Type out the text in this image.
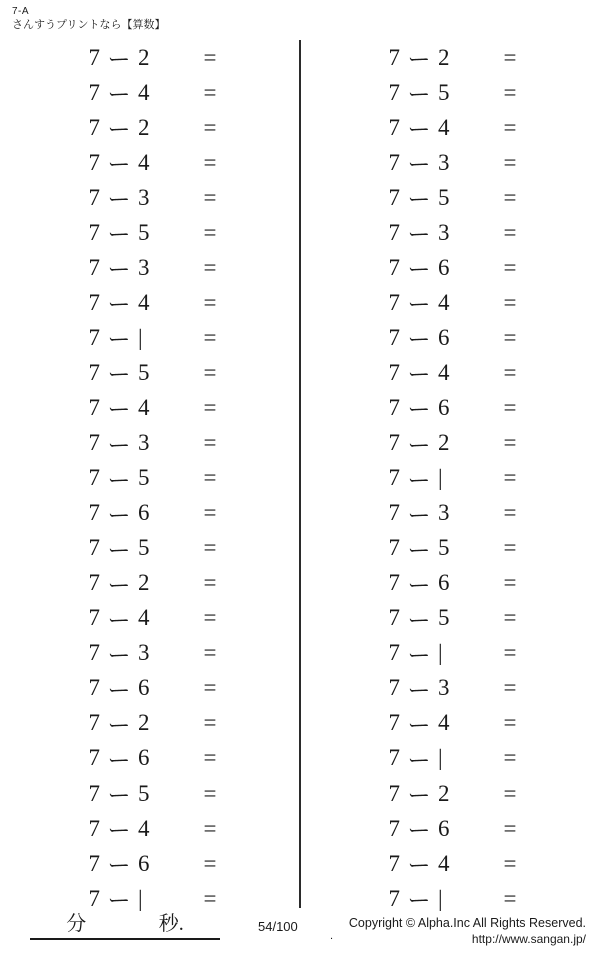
7-A
さんすうプリントなら【算数】
7 ー 2	=
7 ー 4	=
7 ー 2	=
7 ー 4	=
7 ー 3	=
7 ー 5	=
7 ー 3	=
7 ー 4	=
7 ー |	=
7 ー 5	=
7 ー 4	=
7 ー 3	=
7 ー 5	=
7 ー 6	=
7 ー 5	=
7 ー 2	=
7 ー 4	=
7 ー 3	=
7 ー 6	=
7 ー 2	=
7 ー 6	=
7 ー 5	=
7 ー 4	=
7 ー 6	=
7 ー |	=
7 ー 2	=
7 ー 5	=
7 ー 4	=
7 ー 3	=
7 ー 5	=
7 ー 3	=
7 ー 6	=
7 ー 4	=
7 ー 6	=
7 ー 4	=
7 ー 6	=
7 ー 2	=
7 ー |	=
7 ー 3	=
7 ー 5	=
7 ー 6	=
7 ー 5	=
7 ー |	=
7 ー 3	=
7 ー 4	=
7 ー |	=
7 ー 2	=
7 ー 6	=
7 ー 4	=
7 ー |	=
分	秒.	54/100
.
Copyright © Alpha.Inc All Rights Reserved.
http://www.sangan.jp/
